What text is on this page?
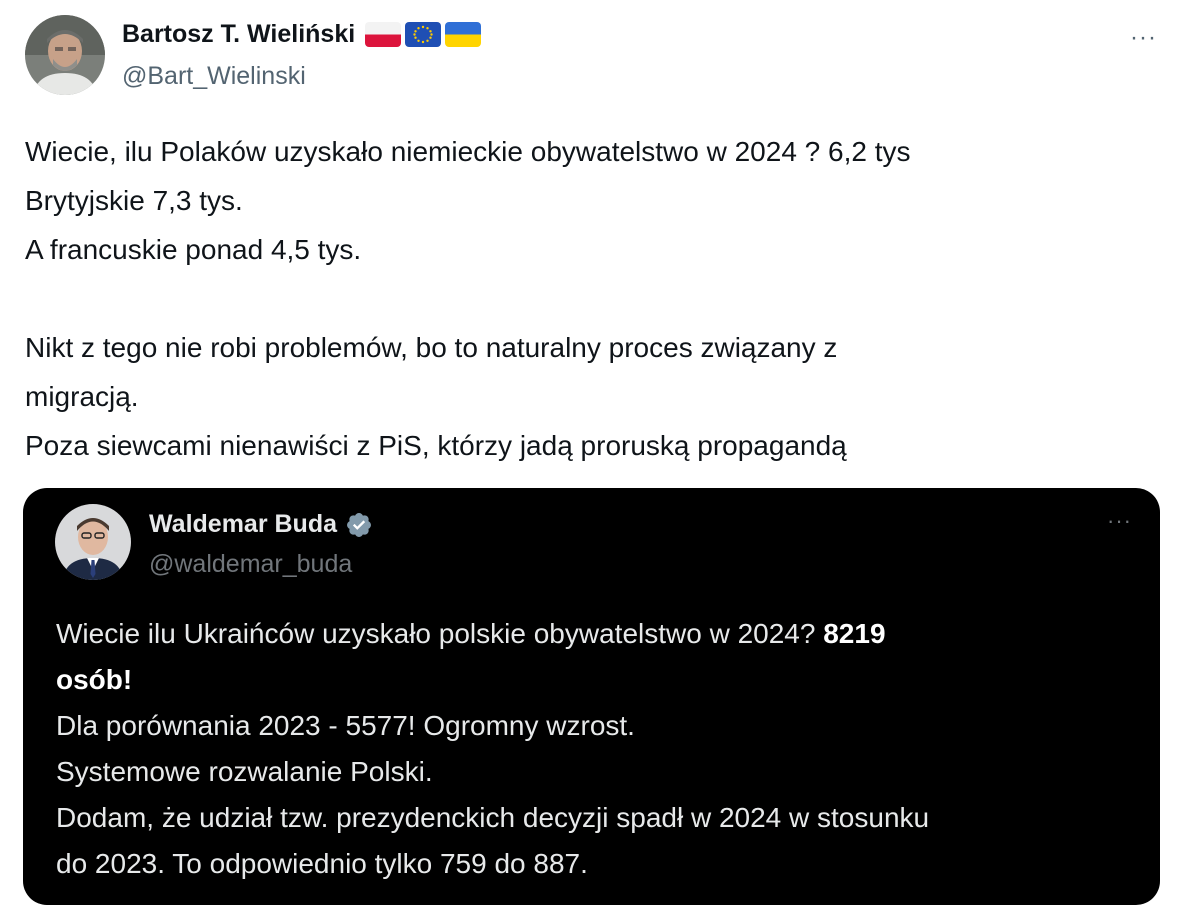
Bartosz T. Wieliński
@Bart_Wielinski
···
Wiecie, ilu Polaków uzyskało niemieckie obywatelstwo w 2024 ? 6,2 tys
Brytyjskie 7,3 tys.
A francuskie ponad 4,5 tys.
Nikt z tego nie robi problemów, bo to naturalny proces związany z
migracją.
Poza siewcami nienawiści z PiS, którzy jadą proruską propagandą
Waldemar Buda
@waldemar_buda
···
Wiecie ilu Ukraińców uzyskało polskie obywatelstwo w 2024? 8219
osób!
Dla porównania 2023 - 5577! Ogromny wzrost.
Systemowe rozwalanie Polski.
Dodam, że udział tzw. prezydenckich decyzji spadł w 2024 w stosunku
do 2023. To odpowiednio tylko 759 do 887.
